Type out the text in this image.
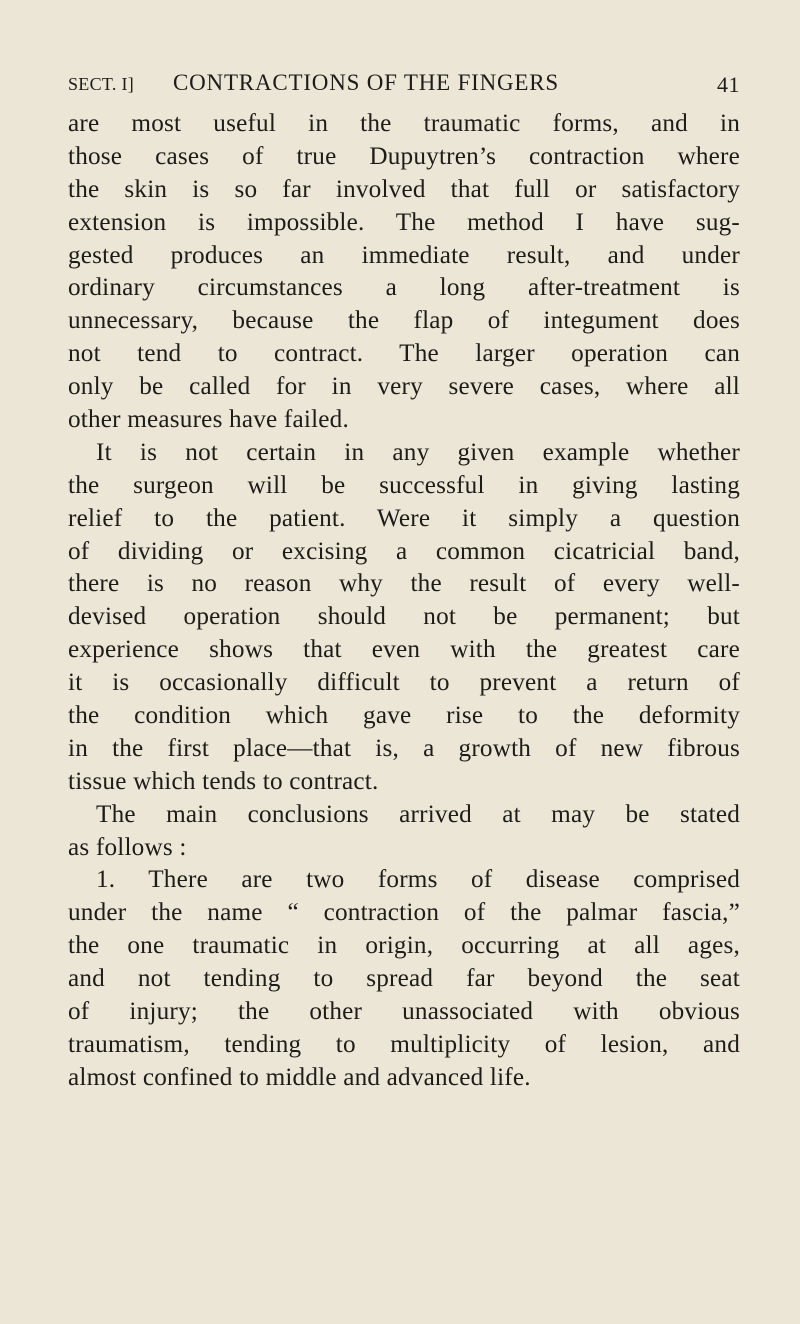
SECT. I] CONTRACTIONS OF THE FINGERS	41
are most useful in the traumatic forms, and in
those cases of true Dupuytren’s contraction where
the skin is so far involved that full or satisfactory
extension is impossible. The method I have sug-
gested produces an immediate result, and under
ordinary circumstances a long after-treatment is
unnecessary, because the flap of integument does
not tend to contract. The larger operation can
only be called for in very severe cases, where all
other measures have failed.
It is not certain in any given example whether
the surgeon will be successful in giving lasting
relief to the patient. Were it simply a question
of dividing or excising a common cicatricial band,
there is no reason why the result of every well-
devised operation should not be permanent; but
experience shows that even with the greatest care
it is occasionally difficult to prevent a return of
the condition which gave rise to the deformity
in the first place—that is, a growth of new fibrous
tissue which tends to contract.
The main conclusions arrived at may be stated
as follows :
1. There are two forms of disease comprised
under the name “ contraction of the palmar fascia,”
the one traumatic in origin, occurring at all ages,
and not tending to spread far beyond the seat
of injury; the other unassociated with obvious
traumatism, tending to multiplicity of lesion, and
almost confined to middle and advanced life.
